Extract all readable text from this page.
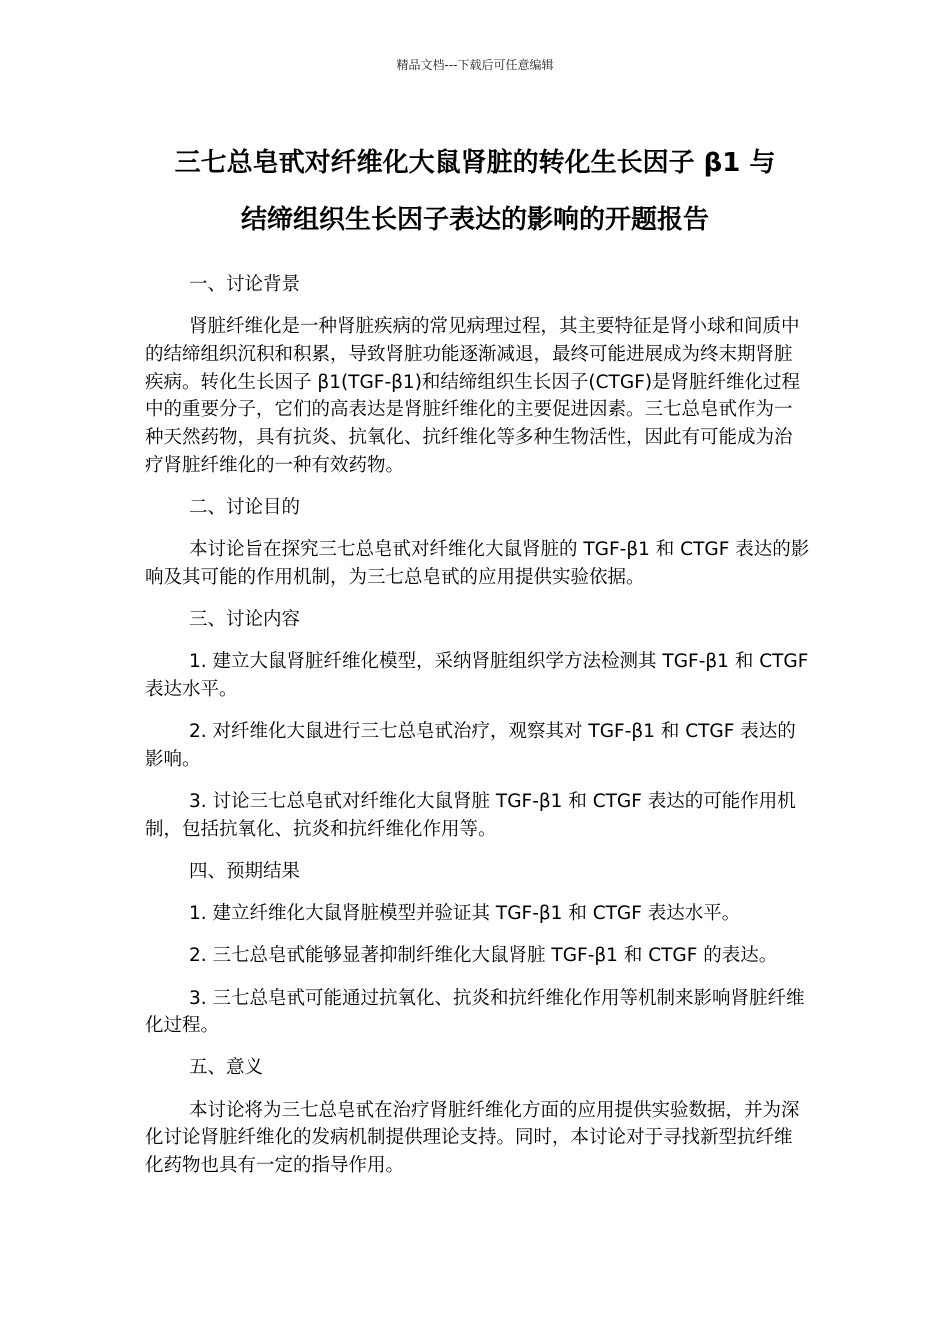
精品文档---下载后可任意编辑
三七总皂甙对纤维化大鼠肾脏的转化生长因子 β1 与
结缔组织生长因子表达的影响的开题报告

一、讨论背景

肾脏纤维化是一种肾脏疾病的常见病理过程，其主要特征是肾小球和间质中的结缔组织沉积和积累，导致肾脏功能逐渐减退，最终可能进展成为终末期肾脏疾病。转化生长因子 β1(TGF-β1)和结缔组织生长因子(CTGF)是肾脏纤维化过程中的重要分子，它们的高表达是肾脏纤维化的主要促进因素。三七总皂甙作为一种天然药物，具有抗炎、抗氧化、抗纤维化等多种生物活性，因此有可能成为治疗肾脏纤维化的一种有效药物。

二、讨论目的

本讨论旨在探究三七总皂甙对纤维化大鼠肾脏的 TGF-β1 和 CTGF 表达的影响及其可能的作用机制，为三七总皂甙的应用提供实验依据。

三、讨论内容

1. 建立大鼠肾脏纤维化模型，采纳肾脏组织学方法检测其 TGF-β1 和 CTGF 表达水平。

2. 对纤维化大鼠进行三七总皂甙治疗，观察其对 TGF-β1 和 CTGF 表达的影响。

3. 讨论三七总皂甙对纤维化大鼠肾脏 TGF-β1 和 CTGF 表达的可能作用机制，包括抗氧化、抗炎和抗纤维化作用等。

四、预期结果

1. 建立纤维化大鼠肾脏模型并验证其 TGF-β1 和 CTGF 表达水平。

2. 三七总皂甙能够显著抑制纤维化大鼠肾脏 TGF-β1 和 CTGF 的表达。

3. 三七总皂甙可能通过抗氧化、抗炎和抗纤维化作用等机制来影响肾脏纤维化过程。

五、意义

本讨论将为三七总皂甙在治疗肾脏纤维化方面的应用提供实验数据，并为深化讨论肾脏纤维化的发病机制提供理论支持。同时，本讨论对于寻找新型抗纤维化药物也具有一定的指导作用。
